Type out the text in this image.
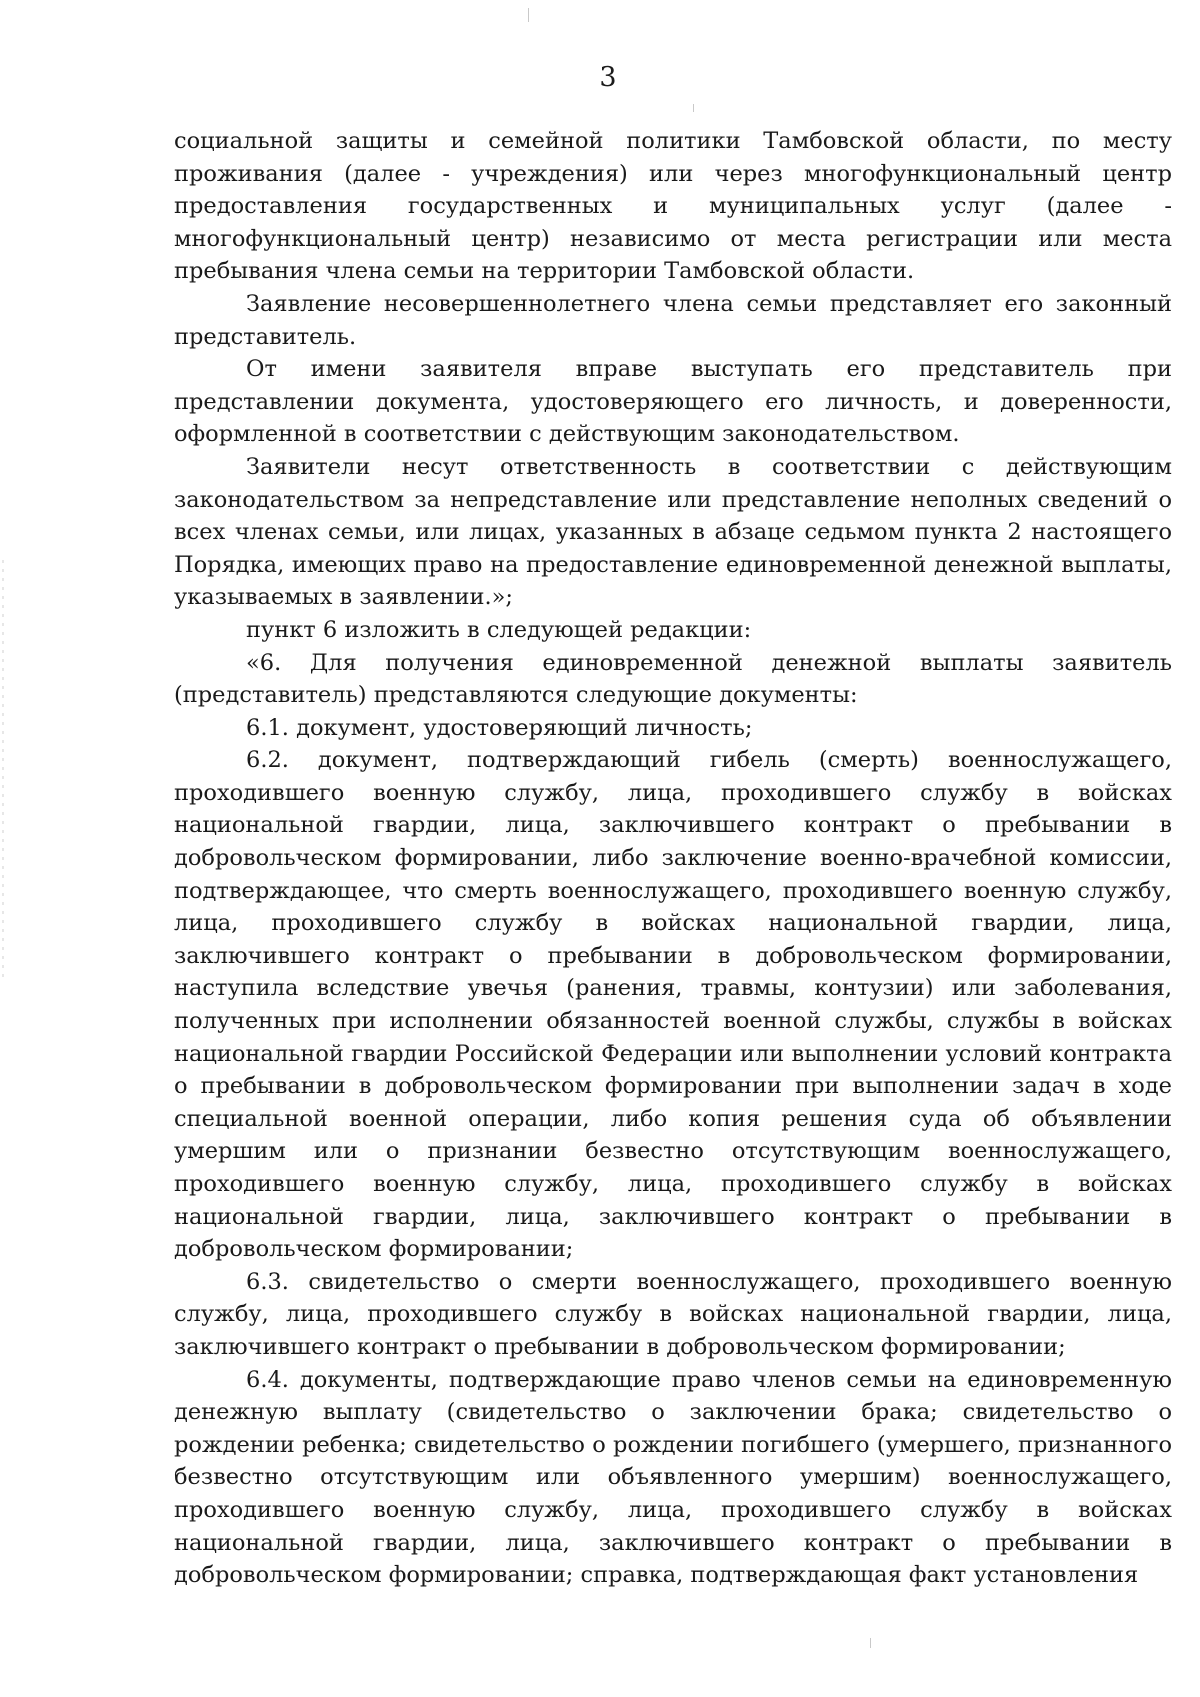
3

социальной защиты и семейной политики Тамбовской области, по месту проживания (далее - учреждения) или через многофункциональный центр предоставления государственных и муниципальных услуг (далее - многофункциональный центр) независимо от места регистрации или места пребывания члена семьи на территории Тамбовской области.

Заявление несовершеннолетнего члена семьи представляет его законный представитель.

От имени заявителя вправе выступать его представитель при представлении документа, удостоверяющего его личность, и доверенности, оформленной в соответствии с действующим законодательством.

Заявители несут ответственность в соответствии с действующим законодательством за непредставление или представление неполных сведений о всех членах семьи, или лицах, указанных в абзаце седьмом пункта 2 настоящего Порядка, имеющих право на предоставление единовременной денежной выплаты, указываемых в заявлении.»;

пункт 6 изложить в следующей редакции:

«6. Для получения единовременной денежной выплаты заявитель (представитель) представляются следующие документы:

6.1. документ, удостоверяющий личность;

6.2. документ, подтверждающий гибель (смерть) военнослужащего, проходившего военную службу, лица, проходившего службу в войсках национальной гвардии, лица, заключившего контракт о пребывании в добровольческом формировании, либо заключение военно-врачебной комиссии, подтверждающее, что смерть военнослужащего, проходившего военную службу, лица, проходившего службу в войсках национальной гвардии, лица, заключившего контракт о пребывании в добровольческом формировании, наступила вследствие увечья (ранения, травмы, контузии) или заболевания, полученных при исполнении обязанностей военной службы, службы в войсках национальной гвардии Российской Федерации или выполнении условий контракта о пребывании в добровольческом формировании при выполнении задач в ходе специальной военной операции, либо копия решения суда об объявлении умершим или о признании безвестно отсутствующим военнослужащего, проходившего военную службу, лица, проходившего службу в войсках национальной гвардии, лица, заключившего контракт о пребывании в добровольческом формировании;

6.3. свидетельство о смерти военнослужащего, проходившего военную службу, лица, проходившего службу в войсках национальной гвардии, лица, заключившего контракт о пребывании в добровольческом формировании;

6.4. документы, подтверждающие право членов семьи на единовременную денежную выплату (свидетельство о заключении брака; свидетельство о рождении ребенка; свидетельство о рождении погибшего (умершего, признанного безвестно отсутствующим или объявленного умершим) военнослужащего, проходившего военную службу, лица, проходившего службу в войсках национальной гвардии, лица, заключившего контракт о пребывании в добровольческом формировании; справка, подтверждающая факт установления
